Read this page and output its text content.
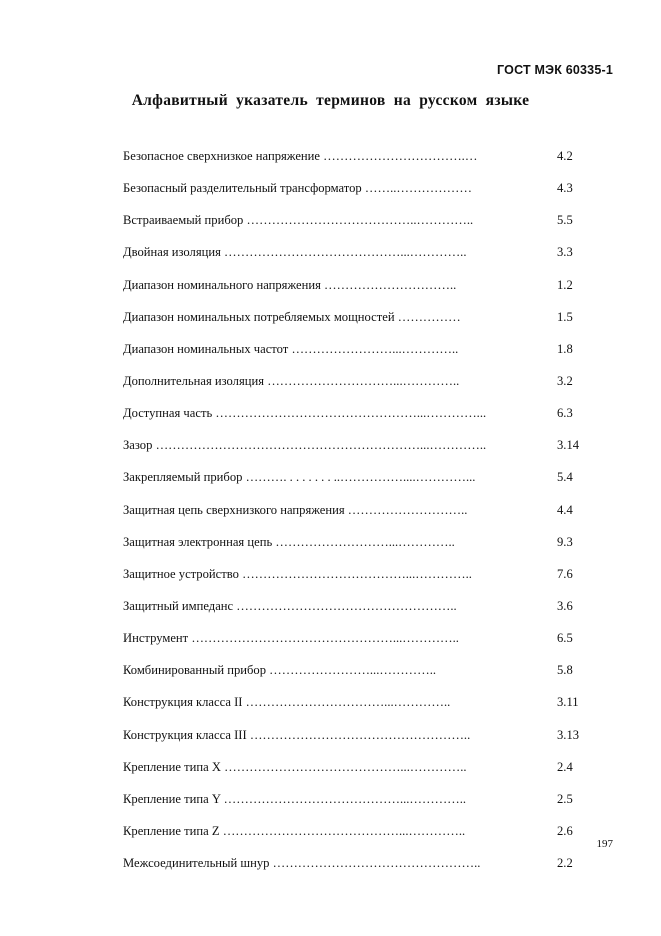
ГОСТ МЭК 60335-1
Алфавитный указатель терминов на русском языке
Безопасное сверхнизкое напряжение …………………………….…	4.2
Безопасный разделительный трансформатор ……..………………	4.3
Встраиваемый прибор …………………………………..…………..	5.5
Двойная изоляция ……………………………………...…………..	3.3
Диапазон номинального напряжения …………………………..	1.2
Диапазон номинальных потребляемых мощностей ……………	1.5
Диапазон номинальных частот ……………………...…………..	1.8
Дополнительная изоляция …………………………...…………..	3.2
Доступная часть …………………………………………...…………...	6.3
Зазор ………………………………………………………...…………..	3.14
Закрепляемый прибор ………. . . . . . . . ..……………....…………...	5.4
Защитная цепь сверхнизкого напряжения ………………………..	4.4
Защитная электронная цепь ………………………...…………..	9.3
Защитное устройство …………………………………...…………..	7.6
Защитный импеданс ……………………………………………..	3.6
Инструмент …………………………………………...…………..	6.5
Комбинированный прибор ……………………...…………..	5.8
Конструкция класса II ……………………………...…………..	3.11
Конструкция класса III ……………………………………………..	3.13
Крепление типа X ……………………………………...…………..	2.4
Крепление типа Y ……………………………………...…………..	2.5
Крепление типа Z ……………………………………...…………..	2.6
Межсоединительный шнур …………………………………………..	2.2
197
